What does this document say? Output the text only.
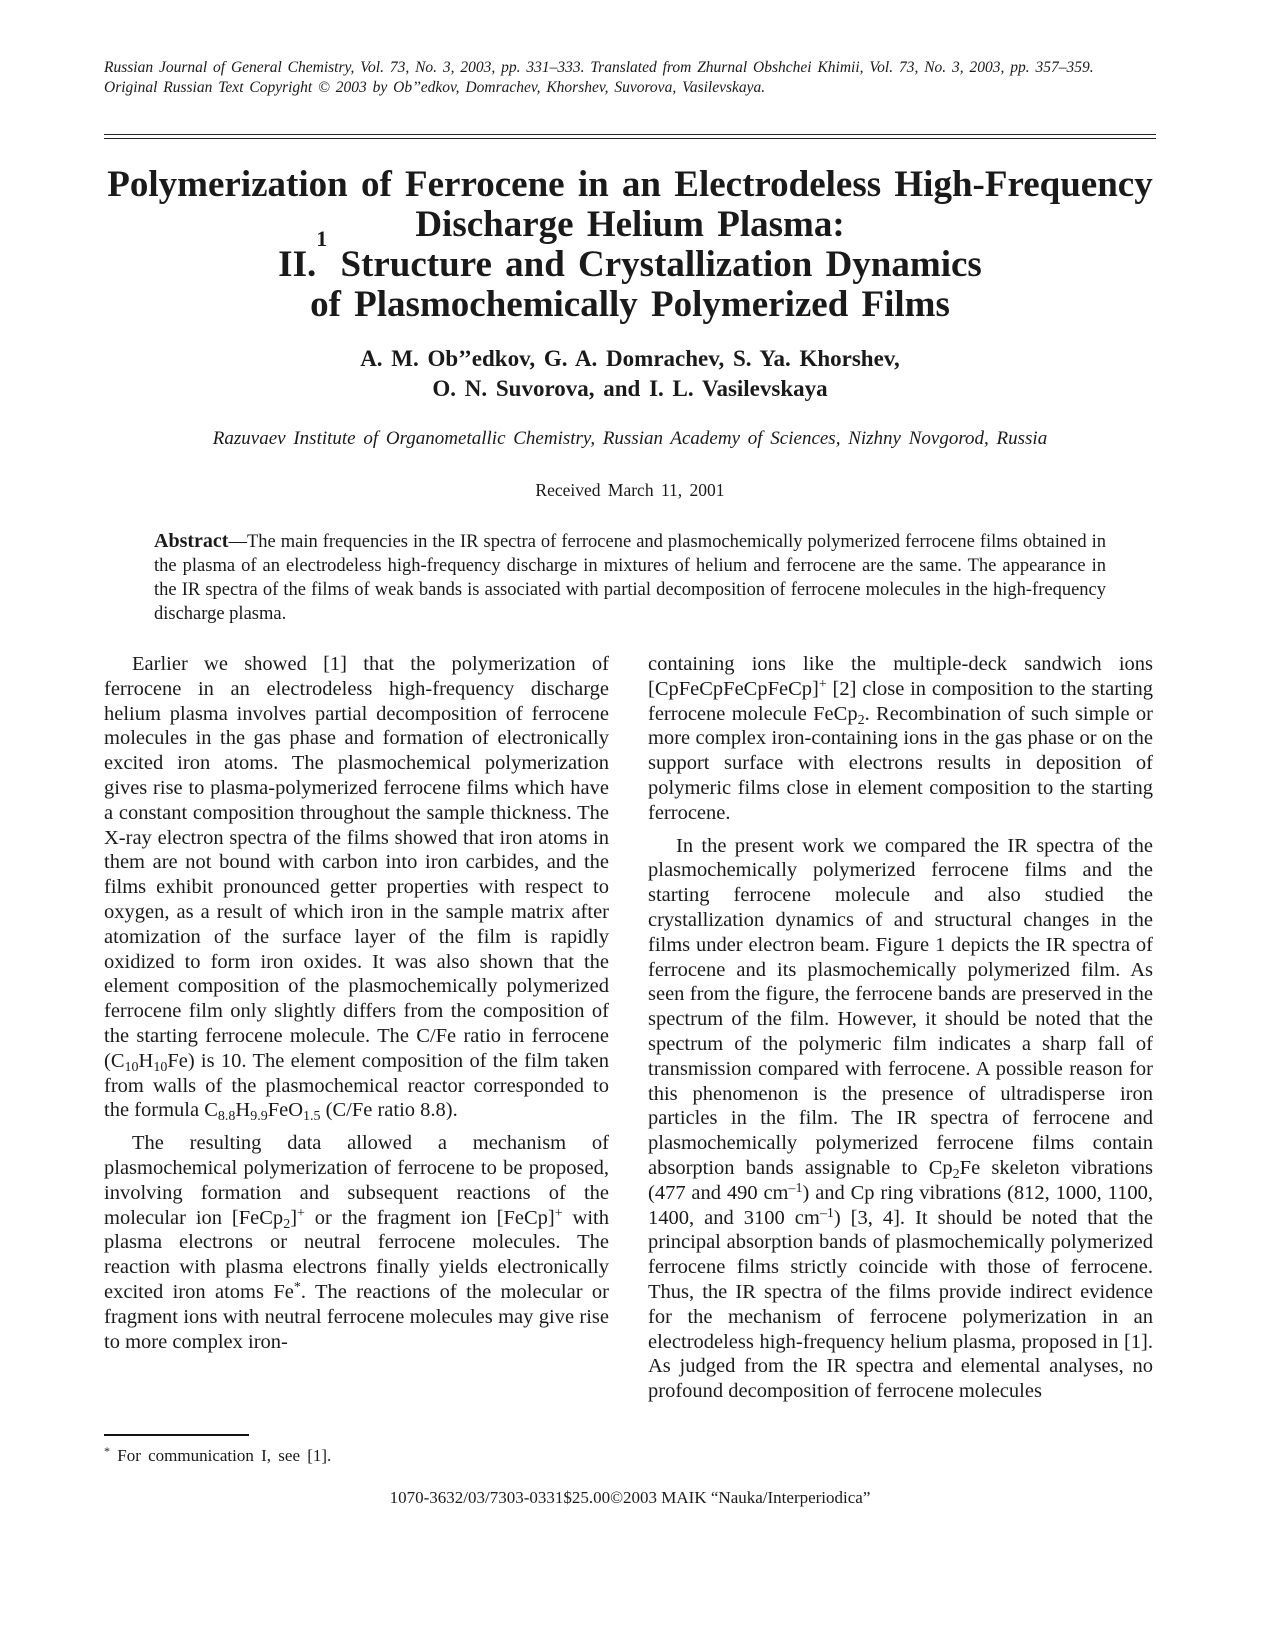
Russian Journal of General Chemistry, Vol. 73, No. 3, 2003, pp. 331–333. Translated from Zhurnal Obshchei Khimii, Vol. 73, No. 3, 2003, pp. 357–359.

Original Russian Text Copyright © 2003 by Ob’’edkov, Domrachev, Khorshev, Suvorova, Vasilevskaya.

Polymerization of Ferrocene in an Electrodeless High-Frequency
Discharge Helium Plasma:
II.$^1$ Structure and Crystallization Dynamics
of Plasmochemically Polymerized Films
A. M. Ob’’edkov, G. A. Domrachev, S. Ya. Khorshev,
O. N. Suvorova, and I. L. Vasilevskaya
Razuvaev Institute of Organometallic Chemistry, Russian Academy of Sciences, Nizhny Novgorod, Russia
Received March 11, 2001
Abstract—The main frequencies in the IR spectra of ferrocene and plasmochemically polymerized ferrocene films obtained in the plasma of an electrodeless high-frequency discharge in mixtures of helium and ferrocene are the same. The appearance in the IR spectra of the films of weak bands is associated with partial decomposition of ferrocene molecules in the high-frequency discharge plasma.

Earlier we showed [1] that the polymerization of ferrocene in an electrodeless high-frequency discharge helium plasma involves partial decomposition of ferrocene molecules in the gas phase and formation of electronically excited iron atoms. The plasmochemical polymerization gives rise to plasma-polymerized ferrocene films which have a constant composition throughout the sample thickness. The X-ray electron spectra of the films showed that iron atoms in them are not bound with carbon into iron carbides, and the films exhibit pronounced getter properties with respect to oxygen, as a result of which iron in the sample matrix after atomization of the surface layer of the film is rapidly oxidized to form iron oxides. It was also shown that the element composition of the plasmochemically polymerized ferrocene film only slightly differs from the composition of the starting ferrocene molecule. The C/Fe ratio in ferrocene $(C_{10}H_{10}Fe)$ is 10. The element composition of the film taken from walls of the plasmochemical reactor corresponded to the formula $C_{8.8}H_{9.9}FeO_{1.5}$ (C/Fe ratio 8.8).

The resulting data allowed a mechanism of plasmochemical polymerization of ferrocene to be proposed, involving formation and subsequent reactions of the molecular ion [FeCp$_2$]+ or the fragment ion [FeCp]+ with plasma electrons or neutral ferrocene molecules. The reaction with plasma electrons finally yields electronically excited iron atoms Fe*. The reactions of the molecular or fragment ions with neutral ferrocene molecules may give rise to more complex iron-

containing ions like the multiple-deck sandwich ions [CpFeCpFeCpFeCp]+ [2] close in composition to the starting ferrocene molecule FeCp$_2$. Recombination of such simple or more complex iron-containing ions in the gas phase or on the support surface with electrons results in deposition of polymeric films close in element composition to the starting ferrocene.

In the present work we compared the IR spectra of the plasmochemically polymerized ferrocene films and the starting ferrocene molecule and also studied the crystallization dynamics of and structural changes in the films under electron beam. Figure 1 depicts the IR spectra of ferrocene and its plasmochemically polymerized film. As seen from the figure, the ferrocene bands are preserved in the spectrum of the film. However, it should be noted that the spectrum of the polymeric film indicates a sharp fall of transmission compared with ferrocene. A possible reason for this phenomenon is the presence of ultradisperse iron particles in the film. The IR spectra of ferrocene and plasmochemically polymerized ferrocene films contain absorption bands assignable to $Cp_2Fe$ skeleton vibrations (477 and 490 $cm^{-1}$) and Cp ring vibrations (812, 1000, 1100, 1400, and 3100 $cm^{-1}$) [3, 4]. It should be noted that the principal absorption bands of plasmochemically polymerized ferrocene films strictly coincide with those of ferrocene. Thus, the IR spectra of the films provide indirect evidence for the mechanism of ferrocene polymerization in an electrodeless high-frequency helium plasma, proposed in [1]. As judged from the IR spectra and elemental analyses, no profound decomposition of ferrocene molecules

* For communication I, see [1].
1070-3632/03/7303-0331$25.00©2003 MAIK “Nauka/Interperiodica”
